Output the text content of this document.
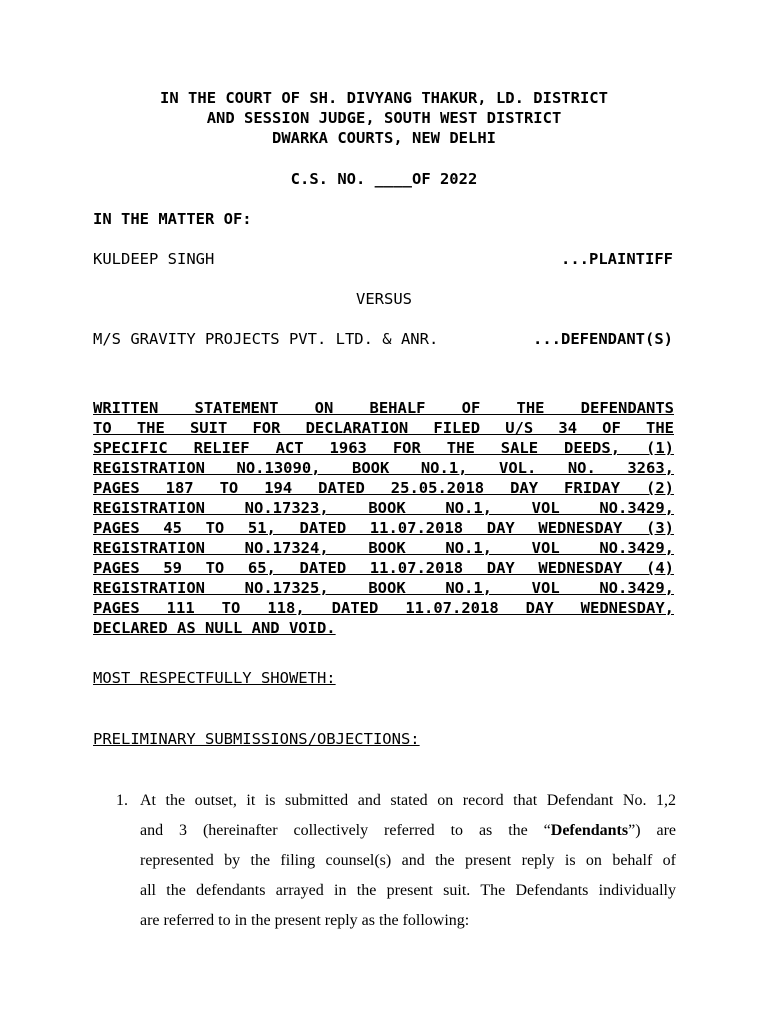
IN THE COURT OF SH. DIVYANG THAKUR, LD. DISTRICT
AND SESSION JUDGE, SOUTH WEST DISTRICT
DWARKA COURTS, NEW DELHI
C.S. NO. ____OF 2022
IN THE MATTER OF:
KULDEEP SINGH	...PLAINTIFF
VERSUS
M/S GRAVITY PROJECTS PVT. LTD. & ANR.	...DEFENDANT(S)
WRITTEN STATEMENT ON BEHALF OF THE DEFENDANTS
TO THE SUIT FOR DECLARATION FILED U/S 34 OF THE
SPECIFIC RELIEF ACT 1963 FOR THE SALE DEEDS, (1)
REGISTRATION NO.13090, BOOK NO.1, VOL. NO. 3263,
PAGES 187 TO 194 DATED 25.05.2018 DAY FRIDAY (2)
REGISTRATION NO.17323, BOOK NO.1, VOL NO.3429,
PAGES 45 TO 51, DATED 11.07.2018 DAY WEDNESDAY (3)
REGISTRATION NO.17324, BOOK NO.1, VOL NO.3429,
PAGES 59 TO 65, DATED 11.07.2018 DAY WEDNESDAY (4)
REGISTRATION NO.17325, BOOK NO.1, VOL NO.3429,
PAGES 111 TO 118, DATED 11.07.2018 DAY WEDNESDAY,
DECLARED AS NULL AND VOID.
MOST RESPECTFULLY SHOWETH:
PRELIMINARY SUBMISSIONS/OBJECTIONS:
1. At the outset, it is submitted and stated on record that Defendant No. 1,2
and 3 (hereinafter collectively referred to as the “Defendants”) are
represented by the filing counsel(s) and the present reply is on behalf of
all the defendants arrayed in the present suit. The Defendants individually
are referred to in the present reply as the following:
